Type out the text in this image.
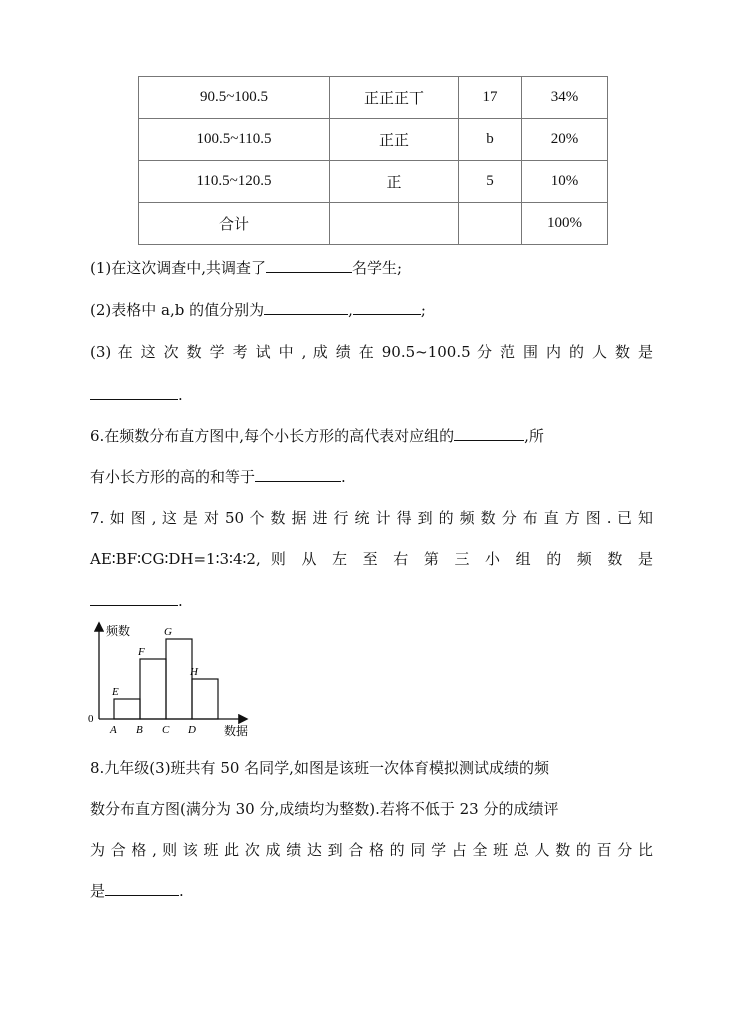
90.5~100.5	正正正丅	17	34%
100.5~110.5	正正	b	20%
110.5~120.5	正	5	10%
合计			100%
(1)在这次调查中,共调查了	名学生;
(2)表格中 a,b 的值分别为	,	;
(3) 在 这 次 数 学 考 试 中 , 成 绩 在 90.5~100.5 分 范 围 内 的 人 数 是
.
6.在频数分布直方图中,每个小长方形的高代表对应组的	,所
有小长方形的高的和等于	.
7. 如 图 , 这 是 对 50 个 数 据 进 行 统 计 得 到 的 频 数 分 布 直 方 图 . 已 知
AE∶BF∶CG∶DH=1∶3∶4∶2, 则 从 左 至 右 第 三 小 组 的 频 数 是
.
频数
数据
0
E
A
F
B
G
C
H
D
8.九年级(3)班共有 50 名同学,如图是该班一次体育模拟测试成绩的频
数分布直方图(满分为 30 分,成绩均为整数).若将不低于 23 分的成绩评
为 合 格 , 则 该 班 此 次 成 绩 达 到 合 格 的 同 学 占 全 班 总 人 数 的 百 分 比
是	.
